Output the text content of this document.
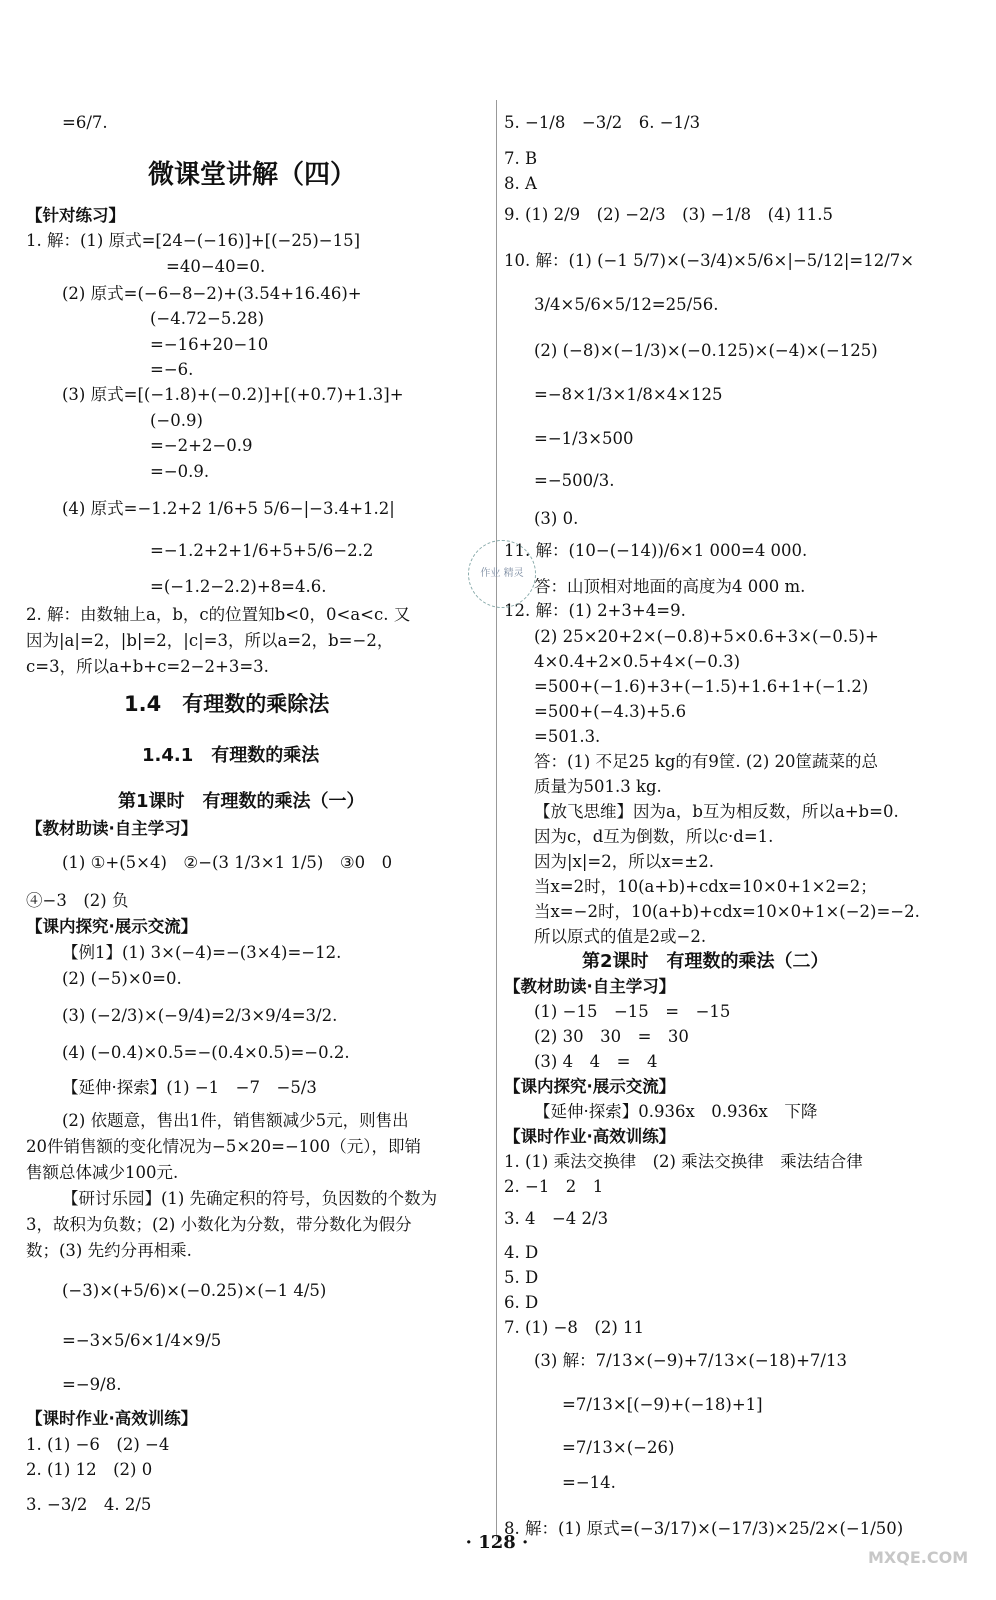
=6/7.
微课堂讲解（四）
【针对练习】
1. 解：(1) 原式=[24−(−16)]+[(−25)−15]
=40−40=0.
(2) 原式=(−6−8−2)+(3.54+16.46)+
(−4.72−5.28)
=−16+20−10
=−6.
(3) 原式=[(−1.8)+(−0.2)]+[(+0.7)+1.3]+
(−0.9)
=−2+2−0.9
=−0.9.
(4) 原式=−1.2+2 1/6+5 5/6−|−3.4+1.2|
=−1.2+2+1/6+5+5/6−2.2
=(−1.2−2.2)+8=4.6.
2. 解：由数轴上a，b，c的位置知b<0，0<a<c. 又
因为|a|=2，|b|=2，|c|=3，所以a=2，b=−2，
c=3，所以a+b+c=2−2+3=3.
1.4　有理数的乘除法
1.4.1　有理数的乘法
第1课时　有理数的乘法（一）
【教材助读·自主学习】
(1) ①+(5×4)　②−(3 1/3×1 1/5)　③0　0
④−3　(2) 负
【课内探究·展示交流】
【例1】(1) 3×(−4)=−(3×4)=−12.
(2) (−5)×0=0.
(3) (−2/3)×(−9/4)=2/3×9/4=3/2.
(4) (−0.4)×0.5=−(0.4×0.5)=−0.2.
【延伸·探索】(1) −1　−7　−5/3
(2) 依题意，售出1件，销售额减少5元，则售出
20件销售额的变化情况为−5×20=−100（元），即销
售额总体减少100元.
【研讨乐园】(1) 先确定积的符号，负因数的个数为
3，故积为负数；(2) 小数化为分数，带分数化为假分
数；(3) 先约分再相乘.
(−3)×(+5/6)×(−0.25)×(−1 4/5)
=−3×5/6×1/4×9/5
=−9/8.
【课时作业·高效训练】
1. (1) −6　(2) −4
2. (1) 12　(2) 0
3. −3/2　4. 2/5
5. −1/8　−3/2　6. −1/3
7. B
8. A
9. (1) 2/9　(2) −2/3　(3) −1/8　(4) 11.5
10. 解：(1) (−1 5/7)×(−3/4)×5/6×|−5/12|=12/7×
3/4×5/6×5/12=25/56.
(2) (−8)×(−1/3)×(−0.125)×(−4)×(−125)
=−8×1/3×1/8×4×125
=−1/3×500
=−500/3.
(3) 0.
11. 解：(10−(−14))/6×1 000=4 000.
答：山顶相对地面的高度为4 000 m.
12. 解：(1) 2+3+4=9.
(2) 25×20+2×(−0.8)+5×0.6+3×(−0.5)+
4×0.4+2×0.5+4×(−0.3)
=500+(−1.6)+3+(−1.5)+1.6+1+(−1.2)
=500+(−4.3)+5.6
=501.3.
答：(1) 不足25 kg的有9筐. (2) 20筐蔬菜的总
质量为501.3 kg.
【放飞思维】因为a，b互为相反数，所以a+b=0.
因为c，d互为倒数，所以c·d=1.
因为|x|=2，所以x=±2.
当x=2时，10(a+b)+cdx=10×0+1×2=2；
当x=−2时，10(a+b)+cdx=10×0+1×(−2)=−2.
所以原式的值是2或−2.
第2课时　有理数的乘法（二）
【教材助读·自主学习】
(1) −15　−15　=　−15
(2) 30　30　=　30
(3) 4　4　=　4
【课内探究·展示交流】
【延伸·探索】0.936x　0.936x　下降
【课时作业·高效训练】
1. (1) 乘法交换律　(2) 乘法交换律　乘法结合律
2. −1　2　1
3. 4　−4 2/3
4. D
5. D
6. D
7. (1) −8　(2) 11
(3) 解：7/13×(−9)+7/13×(−18)+7/13
=7/13×[(−9)+(−18)+1]
=7/13×(−26)
=−14.
8. 解：(1) 原式=(−3/17)×(−17/3)×25/2×(−1/50)
作业 精灵
· 128 ·
MXQE.COM
